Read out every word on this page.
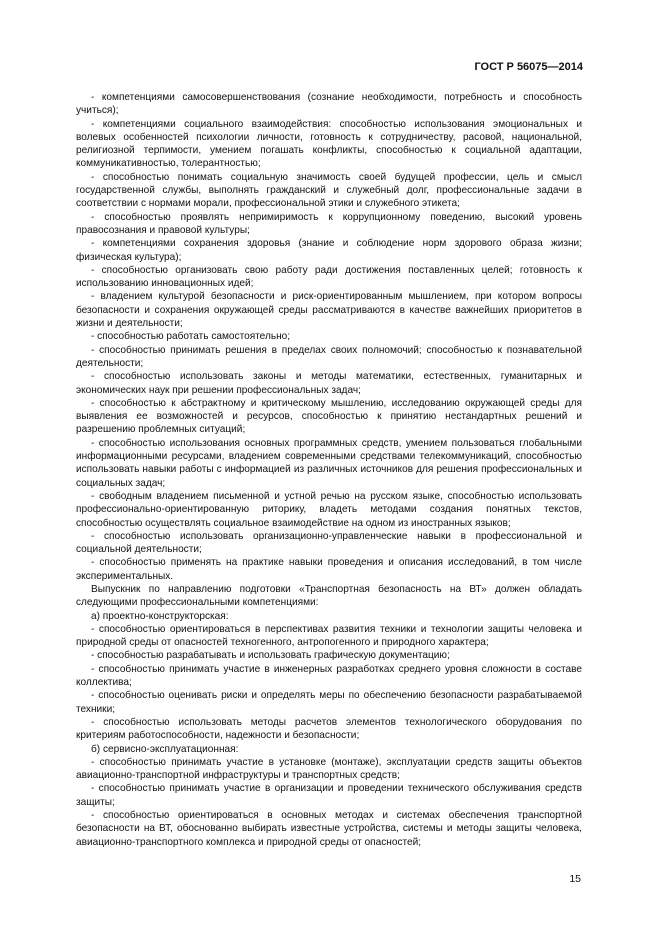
ГОСТ Р 56075—2014

- компетенциями самосовершенствования (сознание необходимости, потребность и способность учиться);

- компетенциями социального взаимодействия: способностью использования эмоциональных и волевых особенностей психологии личности, готовность к сотрудничеству, расовой, национальной, религиозной терпимости, умением погашать конфликты, способностью к социальной адаптации, коммуникативностью, толерантностью;

- способностью понимать социальную значимость своей будущей профессии, цель и смысл государственной службы, выполнять гражданский и служебный долг, профессиональные задачи в соответствии с нормами морали, профессиональной этики и служебного этикета;

- способностью проявлять непримиримость к коррупционному поведению, высокий уровень правосознания и правовой культуры;

- компетенциями сохранения здоровья (знание и соблюдение норм здорового образа жизни; физическая культура);

- способностью организовать свою работу ради достижения поставленных целей; готовность к использованию инновационных идей;

- владением культурой безопасности и риск-ориентированным мышлением, при котором вопросы безопасности и сохранения окружающей среды рассматриваются в качестве важнейших приоритетов в жизни и деятельности;

- способностью работать самостоятельно;

- способностью принимать решения в пределах своих полномочий; способностью к познавательной деятельности;

- способностью использовать законы и методы математики, естественных, гуманитарных и экономических наук при решении профессиональных задач;

- способностью к абстрактному и критическому мышлению, исследованию окружающей среды для выявления ее возможностей и ресурсов, способностью к принятию нестандартных решений и разрешению проблемных ситуаций;

- способностью использования основных программных средств, умением пользоваться глобальными информационными ресурсами, владением современными средствами телекоммуникаций, способностью использовать навыки работы с информацией из различных источников для решения профессиональных и социальных задач;

- свободным владением письменной и устной речью на русском языке, способностью использовать профессионально-ориентированную риторику, владеть методами создания понятных текстов, способностью осуществлять социальное взаимодействие на одном из иностранных языков;

- способностью использовать организационно-управленческие навыки в профессиональной и социальной деятельности;

- способностью применять на практике навыки проведения и описания исследований, в том числе экспериментальных.

Выпускник по направлению подготовки «Транспортная безопасность на ВТ» должен обладать следующими профессиональными компетенциями:

а) проектно-конструкторская:

- способностью ориентироваться в перспективах развития техники и технологии защиты человека и природной среды от опасностей техногенного, антропогенного и природного характера;

- способностью разрабатывать и использовать графическую документацию;

- способностью принимать участие в инженерных разработках среднего уровня сложности в составе коллектива;

- способностью оценивать риски и определять меры по обеспечению безопасности разрабатываемой техники;

- способностью использовать методы расчетов элементов технологического оборудования по критериям работоспособности, надежности и безопасности;

б) сервисно-эксплуатационная:

- способностью принимать участие в установке (монтаже), эксплуатации средств защиты объектов авиационно-транспортной инфраструктуры и транспортных средств;

- способностью принимать участие в организации и проведении технического обслуживания средств защиты;

- способностью ориентироваться в основных методах и системах обеспечения транспортной безопасности на ВТ, обоснованно выбирать известные устройства, системы и методы защиты человека, авиационно-транспортного комплекса и природной среды от опасностей;

15
